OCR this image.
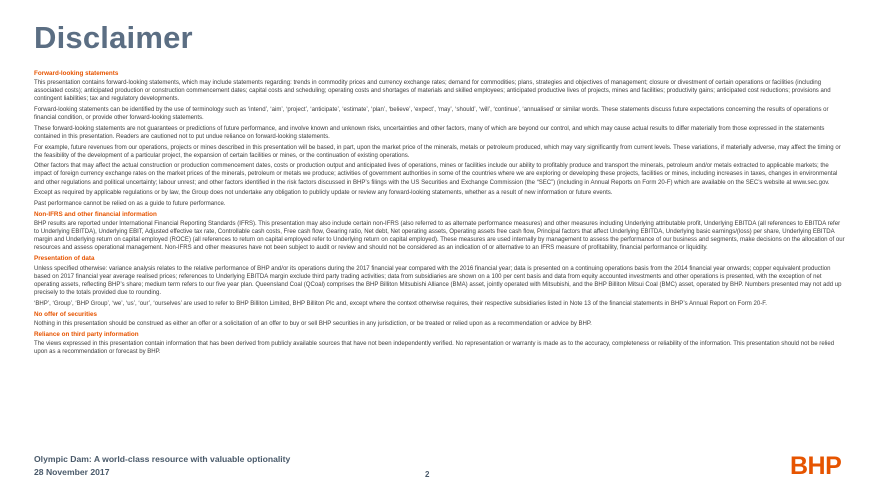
Disclaimer
Forward-looking statements

This presentation contains forward-looking statements, which may include statements regarding: trends in commodity prices and currency exchange rates; demand for commodities; plans, strategies and objectives of management; closure or divestment of certain operations or facilities (including associated costs); anticipated production or construction commencement dates; capital costs and scheduling; operating costs and shortages of materials and skilled employees; anticipated productive lives of projects, mines and facilities; productivity gains; anticipated cost reductions; provisions and contingent liabilities; tax and regulatory developments.

Forward-looking statements can be identified by the use of terminology such as ‘intend’, ‘aim’, ‘project’, ‘anticipate’, ‘estimate’, ‘plan’, ‘believe’, ‘expect’, ‘may’, ‘should’, ‘will’, ‘continue’, ‘annualised’ or similar words. These statements discuss future expectations concerning the results of operations or financial condition, or provide other forward-looking statements.

These forward-looking statements are not guarantees or predictions of future performance, and involve known and unknown risks, uncertainties and other factors, many of which are beyond our control, and which may cause actual results to differ materially from those expressed in the statements contained in this presentation. Readers are cautioned not to put undue reliance on forward-looking statements.

For example, future revenues from our operations, projects or mines described in this presentation will be based, in part, upon the market price of the minerals, metals or petroleum produced, which may vary significantly from current levels. These variations, if materially adverse, may affect the timing or the feasibility of the development of a particular project, the expansion of certain facilities or mines, or the continuation of existing operations.

Other factors that may affect the actual construction or production commencement dates, costs or production output and anticipated lives of operations, mines or facilities include our ability to profitably produce and transport the minerals, petroleum and/or metals extracted to applicable markets; the impact of foreign currency exchange rates on the market prices of the minerals, petroleum or metals we produce; activities of government authorities in some of the countries where we are exploring or developing these projects, facilities or mines, including increases in taxes, changes in environmental and other regulations and political uncertainty; labour unrest; and other factors identified in the risk factors discussed in BHP’s filings with the US Securities and Exchange Commission (the “SEC”) (including in Annual Reports on Form 20-F) which are available on the SEC’s website at www.sec.gov.

Except as required by applicable regulations or by law, the Group does not undertake any obligation to publicly update or review any forward-looking statements, whether as a result of new information or future events.

Past performance cannot be relied on as a guide to future performance.

Non-IFRS and other financial information

BHP results are reported under International Financial Reporting Standards (IFRS). This presentation may also include certain non-IFRS (also referred to as alternate performance measures) and other measures including Underlying attributable profit, Underlying EBITDA (all references to EBITDA refer to Underlying EBITDA), Underlying EBIT, Adjusted effective tax rate, Controllable cash costs, Free cash flow, Gearing ratio, Net debt, Net operating assets, Operating assets free cash flow, Principal factors that affect Underlying EBITDA, Underlying basic earnings/(loss) per share, Underlying EBITDA margin and Underlying return on capital employed (ROCE) (all references to return on capital employed refer to Underlying return on capital employed). These measures are used internally by management to assess the performance of our business and segments, make decisions on the allocation of our resources and assess operational management. Non-IFRS and other measures have not been subject to audit or review and should not be considered as an indication of or alternative to an IFRS measure of profitability, financial performance or liquidity.

Presentation of data

Unless specified otherwise: variance analysis relates to the relative performance of BHP and/or its operations during the 2017 financial year compared with the 2016 financial year; data is presented on a continuing operations basis from the 2014 financial year onwards; copper equivalent production based on 2017 financial year average realised prices; references to Underlying EBITDA margin exclude third party trading activities; data from subsidiaries are shown on a 100 per cent basis and data from equity accounted investments and other operations is presented, with the exception of net operating assets, reflecting BHP’s share; medium term refers to our five year plan. Queensland Coal (QCoal) comprises the BHP Billiton Mitsubishi Alliance (BMA) asset, jointly operated with Mitsubishi, and the BHP Billiton Mitsui Coal (BMC) asset, operated by BHP. Numbers presented may not add up precisely to the totals provided due to rounding.

‘BHP’, ‘Group’, ‘BHP Group’, ‘we’, ‘us’, ‘our’, ‘ourselves’ are used to refer to BHP Billiton Limited, BHP Billiton Plc and, except where the context otherwise requires, their respective subsidiaries listed in Note 13 of the financial statements in BHP’s Annual Report on Form 20-F.

No offer of securities

Nothing in this presentation should be construed as either an offer or a solicitation of an offer to buy or sell BHP securities in any jurisdiction, or be treated or relied upon as a recommendation or advice by BHP.

Reliance on third party information

The views expressed in this presentation contain information that has been derived from publicly available sources that have not been independently verified. No representation or warranty is made as to the accuracy, completeness or reliability of the information. This presentation should not be relied upon as a recommendation or forecast by BHP.

Olympic Dam: A world-class resource with valuable optionality
28 November 2017	2	BHP
